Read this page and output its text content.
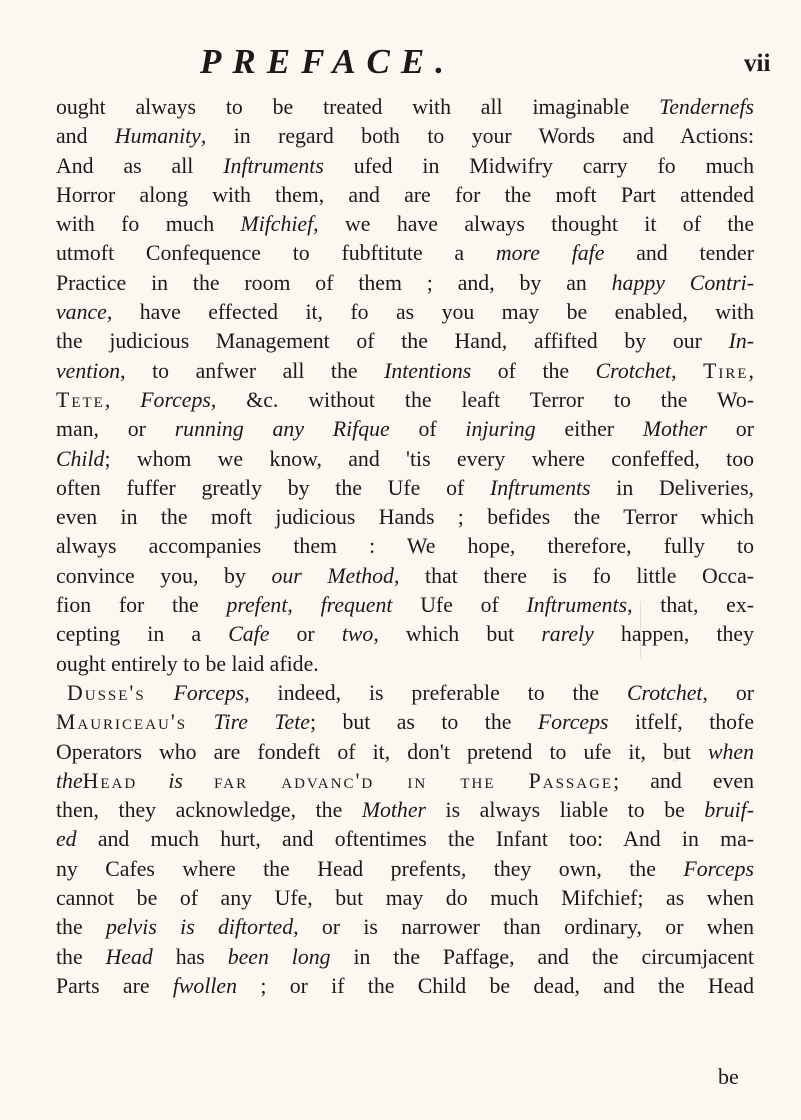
PREFACE.	vii
ought always to be treated with all imaginable Tendernefs
and Humanity, in regard both to your Words and Actions:
And as all Inftruments ufed in Midwifry carry fo much
Horror along with them, and are for the moft Part attended
with fo much Mifchief, we have always thought it of the
utmoft Confequence to fubftitute a more fafe and tender
Practice in the room of them ; and, by an happy Contri-
vance, have effected it, fo as you may be enabled, with
the judicious Management of the Hand, affifted by our In-
vention, to anfwer all the Intentions of the Crotchet, Tire,
Tete, Forceps, &c. without the leaft Terror to the Wo-
man, or running any Rifque of injuring either Mother or
Child; whom we know, and 'tis every where confeffed, too
often fuffer greatly by the Ufe of Inftruments in Deliveries,
even in the moft judicious Hands ; befides the Terror which
always accompanies them : We hope, therefore, fully to
convince you, by our Method, that there is fo little Occa-
fion for the prefent, frequent Ufe of Inftruments, that, ex-
cepting in a Cafe or two, which but rarely happen, they
ought entirely to be laid afide.
Dusse's Forceps, indeed, is preferable to the Crotchet, or
Mauriceau's Tire Tete; but as to the Forceps itfelf, thofe
Operators who are fondeft of it, don't pretend to ufe it, but when
theHead is far advanc'd in the Passage; and even
then, they acknowledge, the Mother is always liable to be bruif-
ed and much hurt, and oftentimes the Infant too: And in ma-
ny Cafes where the Head prefents, they own, the Forceps
cannot be of any Ufe, but may do much Mifchief; as when
the pelvis is diftorted, or is narrower than ordinary, or when
the Head has been long in the Paffage, and the circumjacent
Parts are fwollen ; or if the Child be dead, and the Head
be
